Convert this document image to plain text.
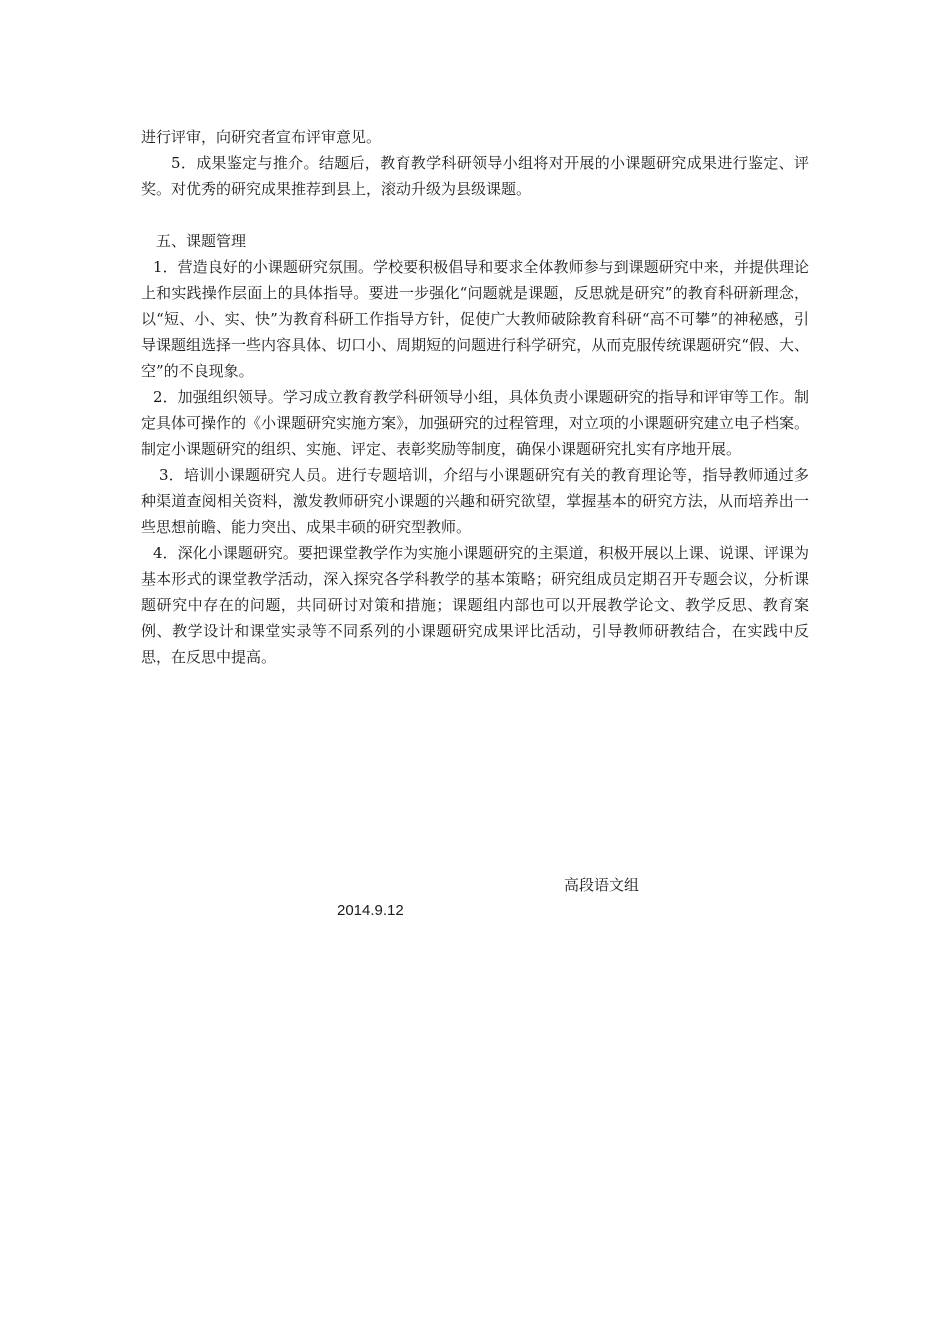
进行评审，向研究者宣布评审意见。

5．成果鉴定与推介。结题后，教育教学科研领导小组将对开展的小课题研究成果进行鉴定、评奖。对优秀的研究成果推荐到县上，滚动升级为县级课题。

五、课题管理

1．营造良好的小课题研究氛围。学校要积极倡导和要求全体教师参与到课题研究中来，并提供理论上和实践操作层面上的具体指导。要进一步强化“问题就是课题，反思就是研究”的教育科研新理念，以“短、小、实、快”为教育科研工作指导方针，促使广大教师破除教育科研“高不可攀”的神秘感，引导课题组选择一些内容具体、切口小、周期短的问题进行科学研究，从而克服传统课题研究“假、大、空”的不良现象。

2．加强组织领导。学习成立教育教学科研领导小组，具体负责小课题研究的指导和评审等工作。制定具体可操作的《小课题研究实施方案》，加强研究的过程管理，对立项的小课题研究建立电子档案。制定小课题研究的组织、实施、评定、表彰奖励等制度，确保小课题研究扎实有序地开展。

3．培训小课题研究人员。进行专题培训，介绍与小课题研究有关的教育理论等，指导教师通过多种渠道查阅相关资料，激发教师研究小课题的兴趣和研究欲望，掌握基本的研究方法，从而培养出一些思想前瞻、能力突出、成果丰硕的研究型教师。

4．深化小课题研究。要把课堂教学作为实施小课题研究的主渠道，积极开展以上课、说课、评课为基本形式的课堂教学活动，深入探究各学科教学的基本策略；研究组成员定期召开专题会议，分析课题研究中存在的问题，共同研讨对策和措施；课题组内部也可以开展教学论文、教学反思、教育案例、教学设计和课堂实录等不同系列的小课题研究成果评比活动，引导教师研教结合，在实践中反思，在反思中提高。

高段语文组
2014.9.12
